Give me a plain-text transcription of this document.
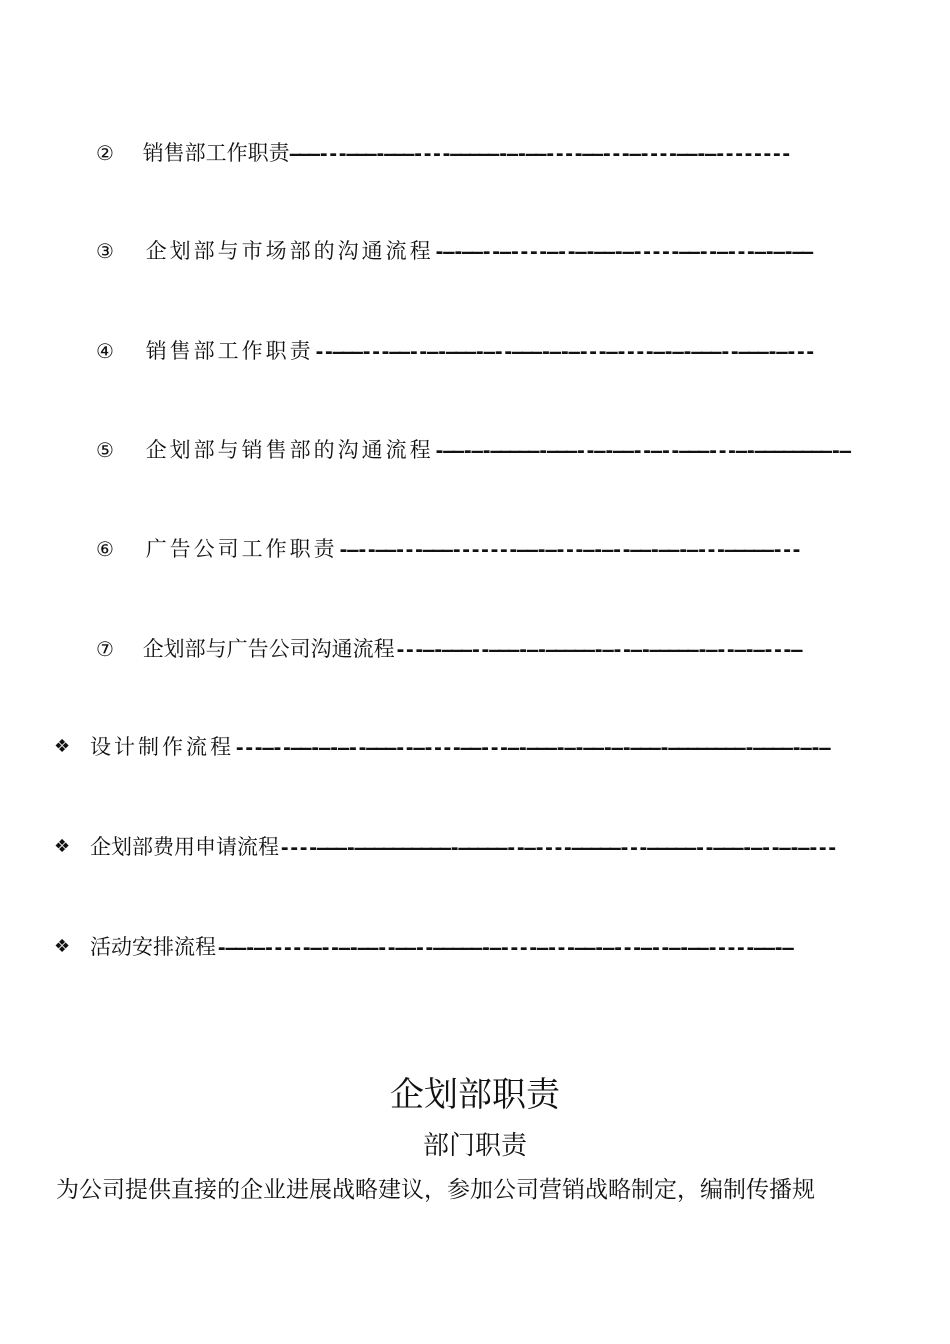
② 销售部工作职责———---———-———----—————-—-——----——---—----——-—--------
③ 企划部与市场部的沟通流程-—-——--—----—--—-——-—-----——--—---—-—-——
④ 销售部工作职责--———---——--—-———-—--———-—-—---—----—-—-———--———-—---
⑤ 企划部与销售部的沟通流程-——-—-—————-———--—-——--—--———---—-————————-—
⑥ 广告公司工作职责-—--——---———-------——-—---—-—--——-——-—---—————---
⑦ 企划部与广告公司沟通流程---—-———--———-—-—————-—--—-—————-—--—-—---—
❖ 设计制作流程---—--——-—-—--———--—----——---—-———-—-——-—-———-————————-————-—-—
❖ 企划部费用申请流程----———-——————————-—————--—----—————---—————--———-—--—-—---
❖ 活动安排流程-——-—-----—--—-——--——--—————-—----—---——-—---—--—-——-----——-—
企划部职责
部门职责
为公司提供直接的企业进展战略建议，参加公司营销战略制定，编制传播规
